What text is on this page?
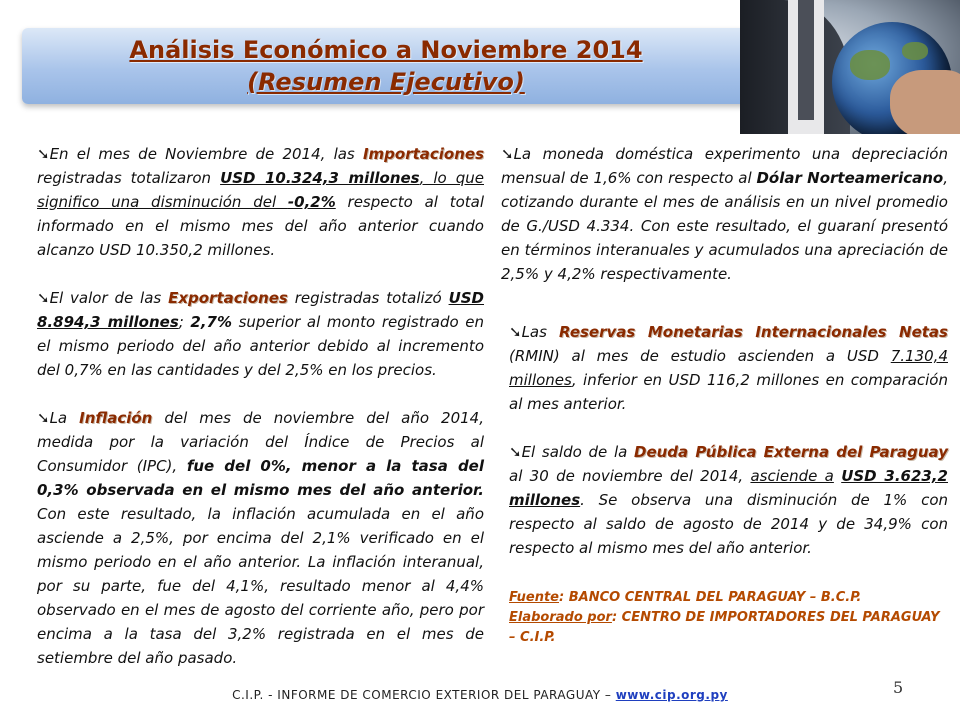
Análisis Económico a Noviembre 2014
(Resumen Ejecutivo)

➘En el mes de Noviembre de 2014, las Importaciones registradas totalizaron USD 10.324,3 millones, lo que significo una disminución del -0,2% respecto al total informado en el mismo mes del año anterior cuando alcanzo USD 10.350,2 millones.

➘El valor de las Exportaciones registradas totalizó USD 8.894,3 millones; 2,7% superior al monto registrado en el mismo periodo del año anterior debido al incremento del 0,7% en las cantidades y del 2,5% en los precios.

➘La Inflación del mes de noviembre del año 2014, medida por la variación del Índice de Precios al Consumidor (IPC), fue del 0%, menor a la tasa del 0,3% observada en el mismo mes del año anterior. Con este resultado, la inflación acumulada en el año asciende a 2,5%, por encima del 2,1% verificado en el mismo periodo en el año anterior. La inflación interanual, por su parte, fue del 4,1%, resultado menor al 4,4% observado en el mes de agosto del corriente año, pero por encima a la tasa del 3,2% registrada en el mes de setiembre del año pasado.

➘La moneda doméstica experimento una depreciación mensual de 1,6% con respecto al Dólar Norteamericano, cotizando durante el mes de análisis en un nivel promedio de G./USD 4.334. Con este resultado, el guaraní presentó en términos interanuales y acumulados una apreciación de 2,5% y 4,2% respectivamente.

➘Las Reservas Monetarias Internacionales Netas (RMIN) al mes de estudio ascienden a USD 7.130,4 millones, inferior en USD 116,2 millones en comparación al mes anterior.

➘El saldo de la Deuda Pública Externa del Paraguay al 30 de noviembre del 2014, asciende a USD 3.623,2 millones. Se observa una disminución de 1% con respecto al saldo de agosto de 2014 y de 34,9% con respecto al mismo mes del año anterior.

Fuente: BANCO CENTRAL DEL PARAGUAY – B.C.P.
Elaborado por: CENTRO DE IMPORTADORES DEL PARAGUAY – C.I.P.
C.I.P. - INFORME DE COMERCIO EXTERIOR DEL PARAGUAY – www.cip.org.py	5
